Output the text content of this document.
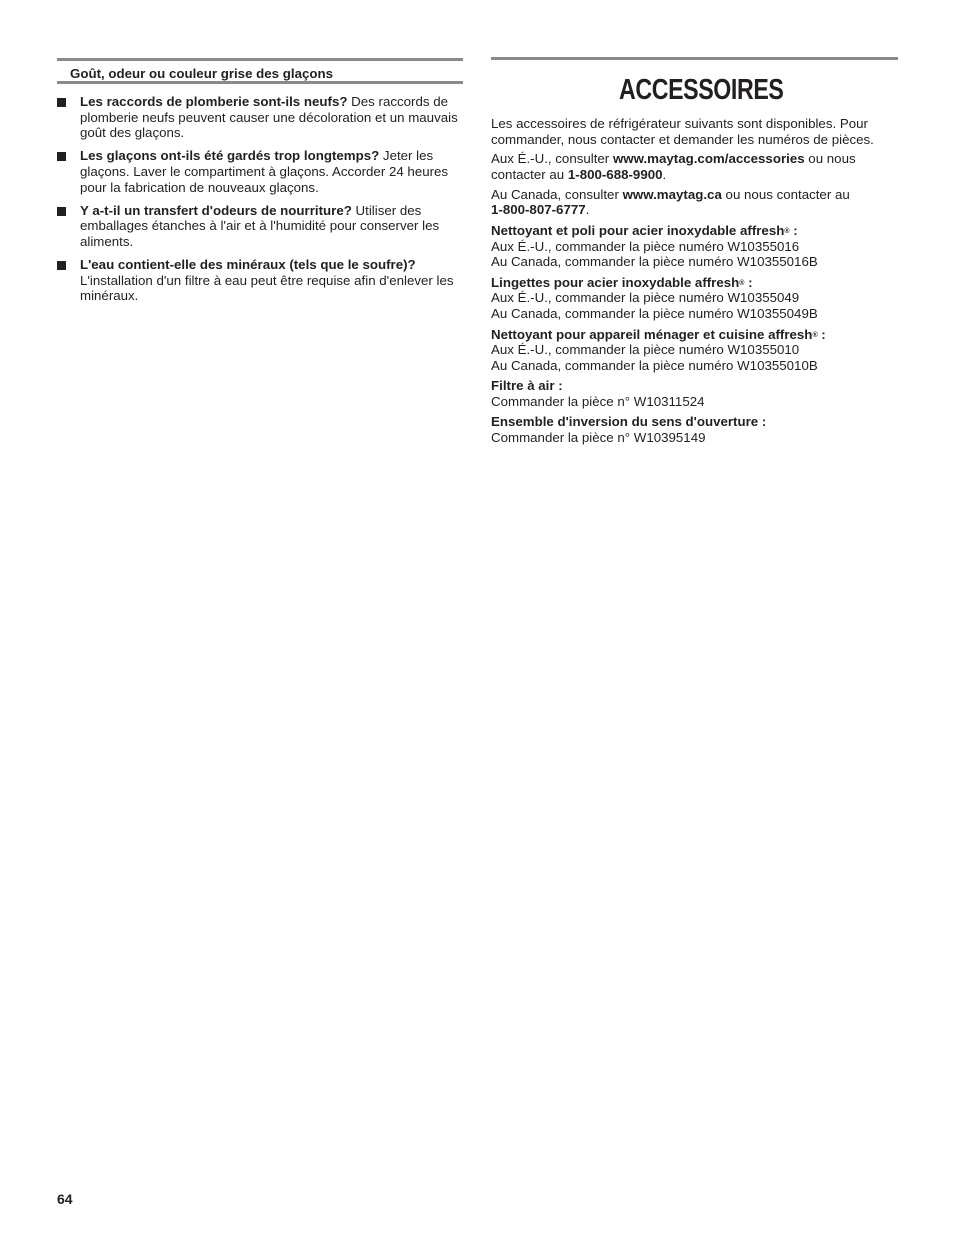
Goût, odeur ou couleur grise des glaçons
Les raccords de plomberie sont-ils neufs? Des raccords de plomberie neufs peuvent causer une décoloration et un mauvais goût des glaçons.
Les glaçons ont-ils été gardés trop longtemps? Jeter les glaçons. Laver le compartiment à glaçons. Accorder 24 heures pour la fabrication de nouveaux glaçons.
Y a-t-il un transfert d'odeurs de nourriture? Utiliser des emballages étanches à l'air et à l'humidité pour conserver les aliments.
L'eau contient-elle des minéraux (tels que le soufre)?
L'installation d'un filtre à eau peut être requise afin d'enlever les minéraux.
ACCESSOIRES

Les accessoires de réfrigérateur suivants sont disponibles. Pour commander, nous contacter et demander les numéros de pièces.

Aux É.-U., consulter www.maytag.com/accessories ou nous contacter au 1-800-688-9900.

Au Canada, consulter www.maytag.ca ou nous contacter au
1-800-807-6777.

Nettoyant et poli pour acier inoxydable affresh® :

Aux É.-U., commander la pièce numéro W10355016

Au Canada, commander la pièce numéro W10355016B

Lingettes pour acier inoxydable affresh® :

Aux É.-U., commander la pièce numéro W10355049

Au Canada, commander la pièce numéro W10355049B

Nettoyant pour appareil ménager et cuisine affresh® :

Aux É.-U., commander la pièce numéro W10355010

Au Canada, commander la pièce numéro W10355010B

Filtre à air :

Commander la pièce n° W10311524

Ensemble d'inversion du sens d'ouverture :

Commander la pièce n° W10395149

64
